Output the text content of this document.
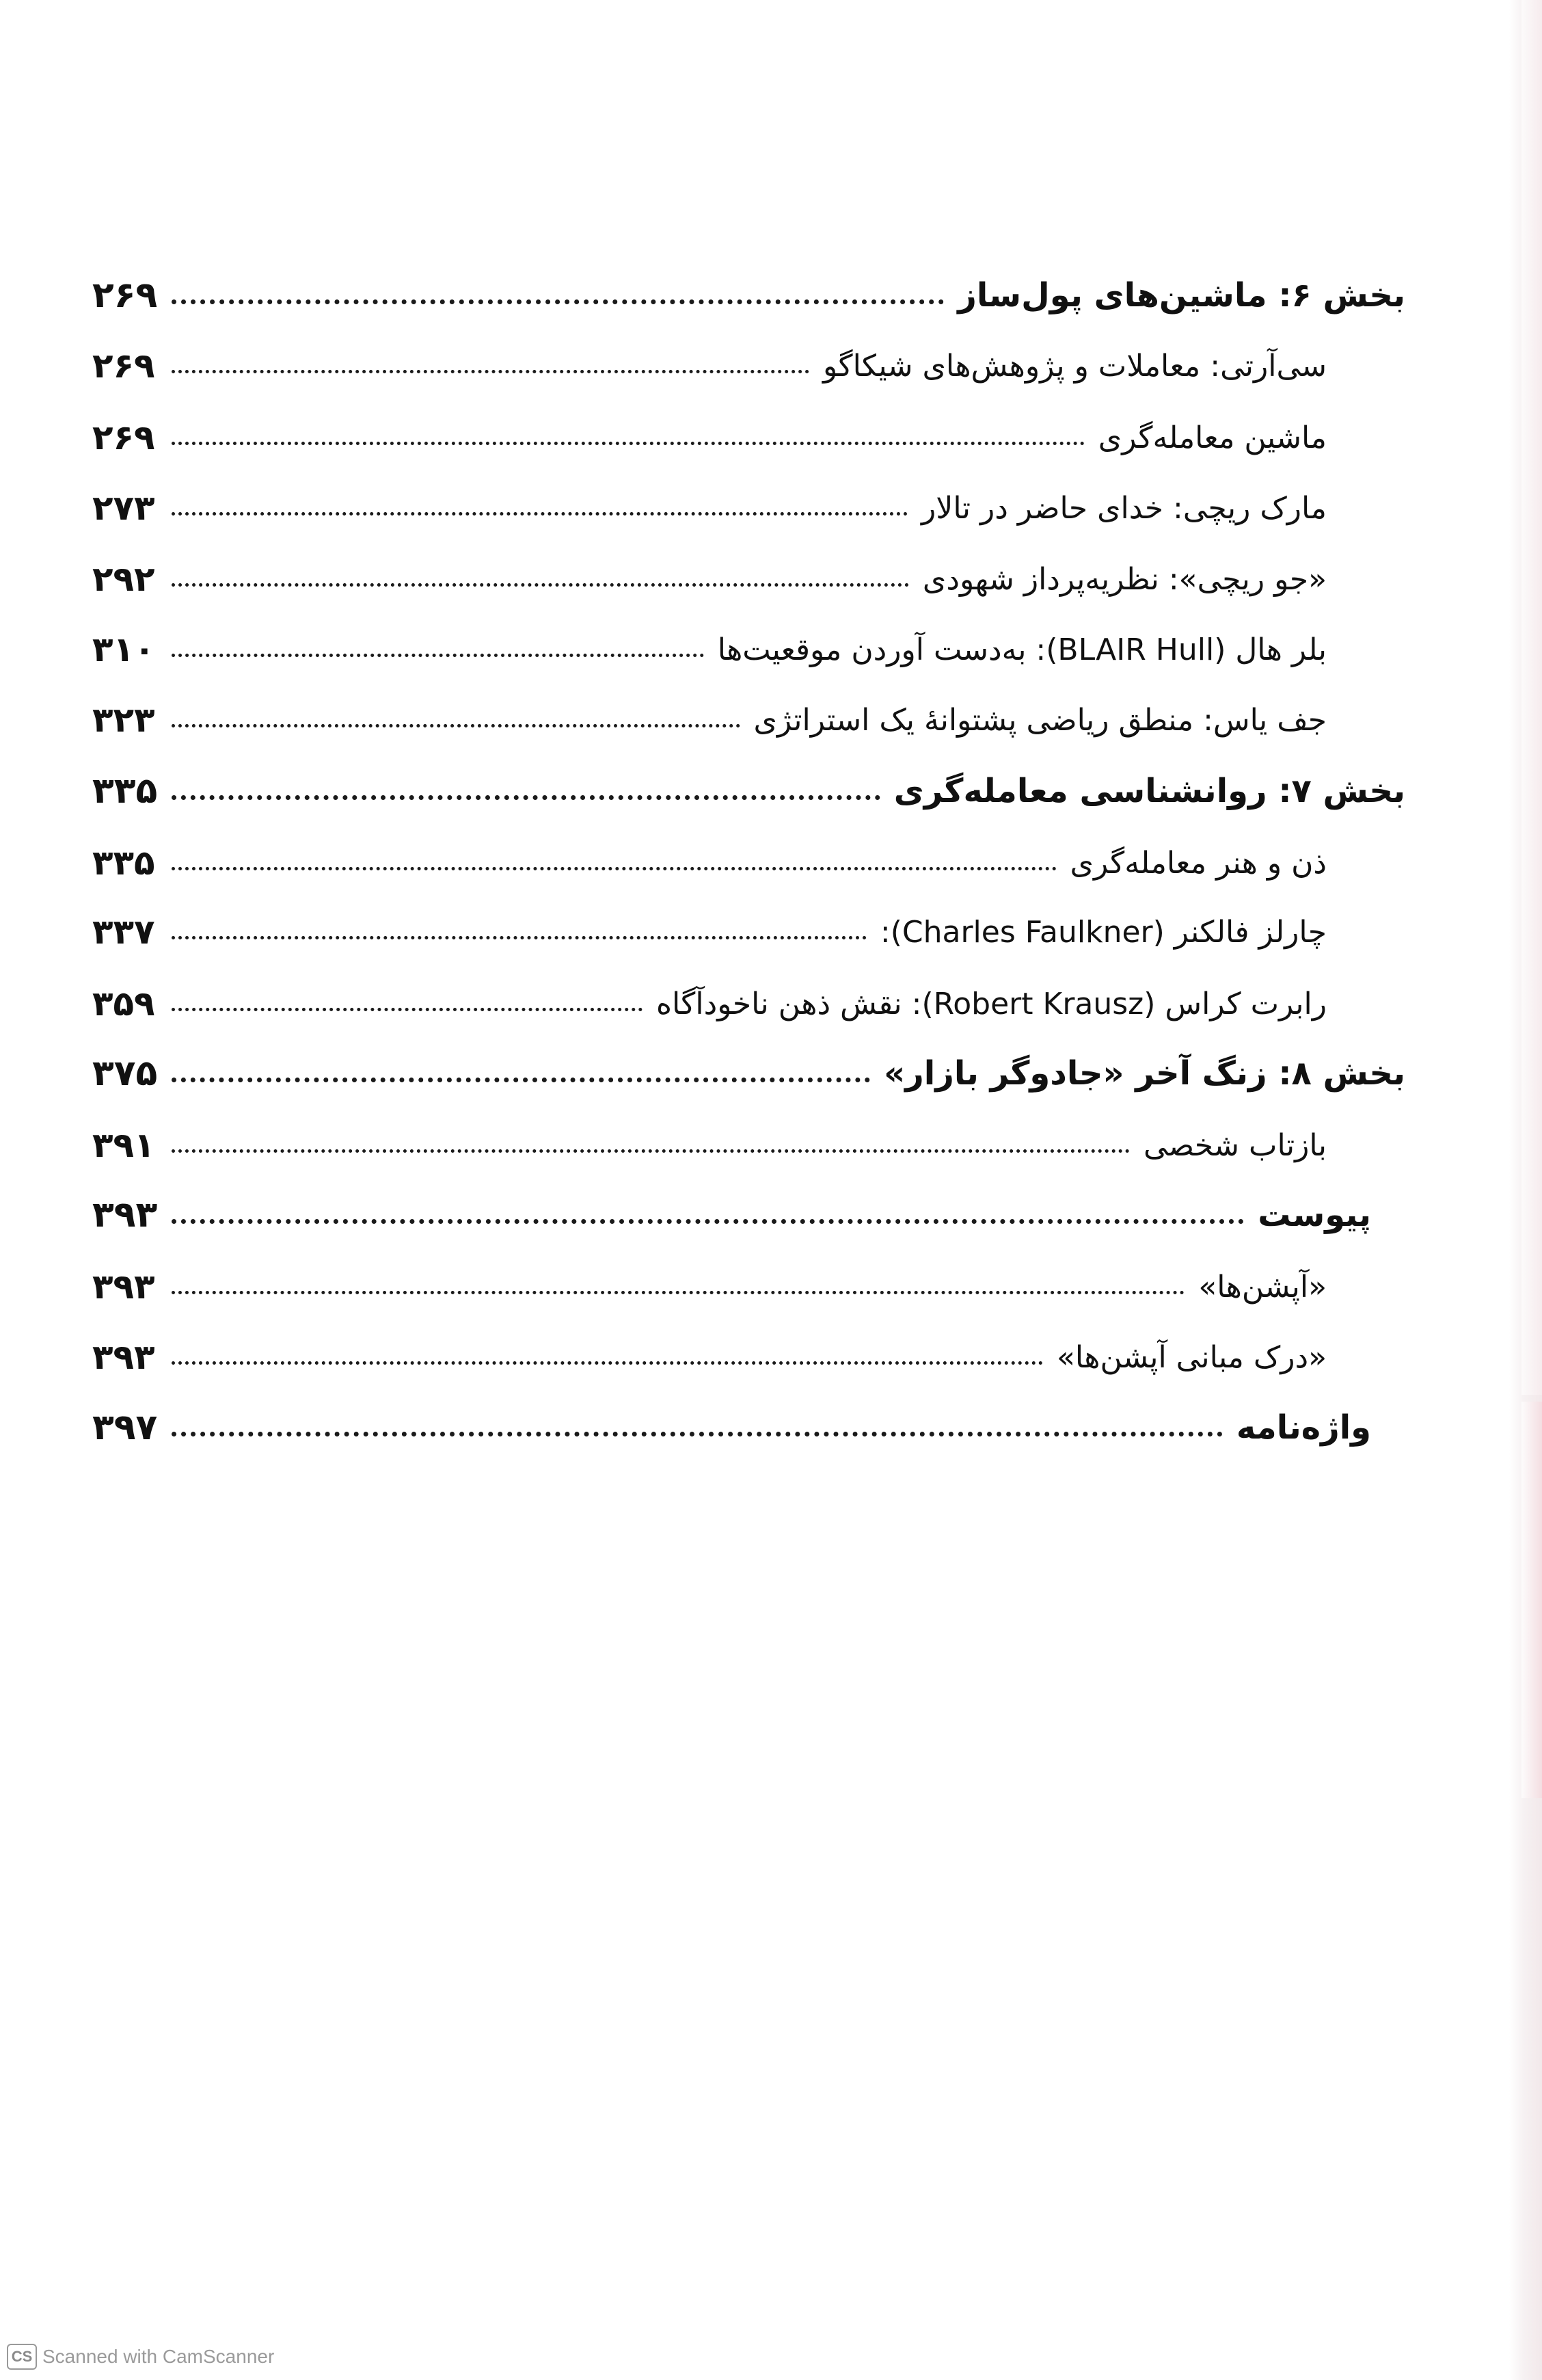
۲۶۹	بخش ۶: ماشین‌های پول‌ساز
۲۶۹	سی‌آرتی: معاملات و پژوهش‌های شیکاگو
۲۶۹	ماشین معامله‌گری
۲۷۳	مارک ریچی: خدای حاضر در تالار
۲۹۲	«جو ریچی»: نظریه‌پرداز شهودی
۳۱۰	بلر هال (BLAIR Hull): به‌دست آوردن موقعیت‌ها
۳۲۳	جف یاس: منطق ریاضی پشتوانهٔ یک استراتژی
۳۳۵	بخش ۷: روانشناسی معامله‌گری
۳۳۵	ذن و هنر معامله‌گری
۳۳۷	چارلز فالکنر (Charles Faulkner):
۳۵۹	رابرت کراس (Robert Krausz): نقش ذهن ناخودآگاه
۳۷۵	بخش ۸: زنگ آخر «جادوگر بازار»
۳۹۱	بازتاب شخصی
۳۹۳	پیوست
۳۹۳	«آپشن‌ها»
۳۹۳	«درک مبانی آپشن‌ها»
۳۹۷	واژه‌نامه
CS Scanned with CamScanner
